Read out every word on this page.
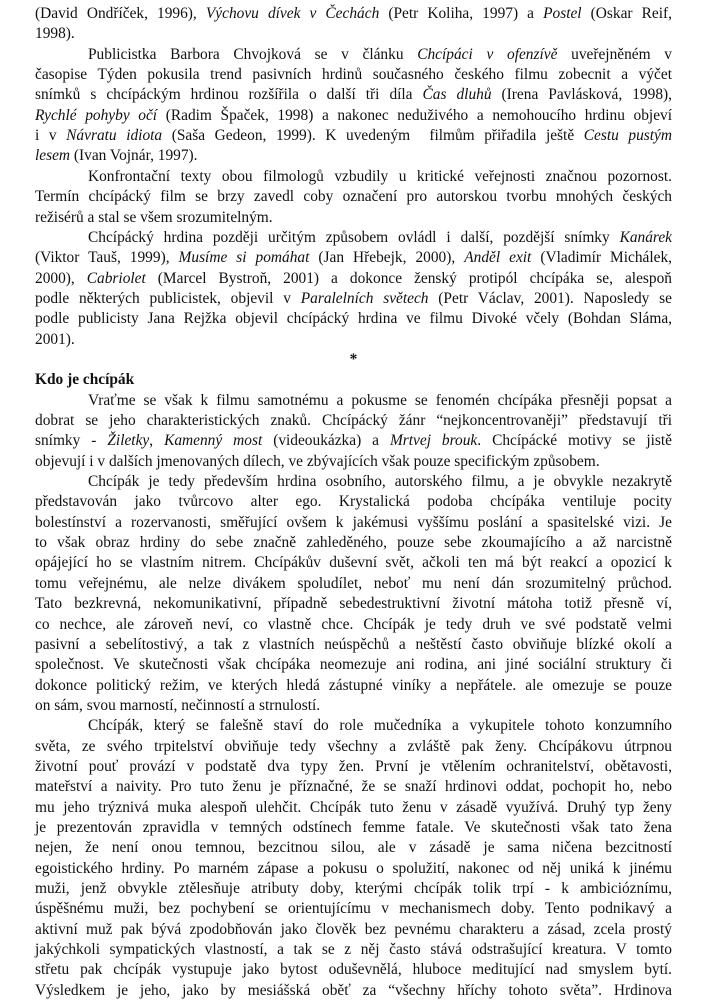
(David Ondříček, 1996), Výchovu dívek v Čechách (Petr Koliha, 1997) a Postel (Oskar Reif,
1998).
Publicistka Barbora Chvojková se v článku Chcípáci v ofenzívě uveřejněném v
časopise Týden pokusila trend pasivních hrdinů současného českého filmu zobecnit a výčet
snímků s chcípáckým hrdinou rozšířila o další tři díla Čas dluhů (Irena Pavlásková, 1998),
Rychlé pohyby očí (Radim Špaček, 1998) a nakonec neduživého a nemohoucího hrdinu objeví
i v Návratu idiota (Saša Gedeon, 1999). K uvedeným  filmům přiřadila ještě Cestu pustým
lesem (Ivan Vojnár, 1997).
Konfrontační texty obou filmologů vzbudily u kritické veřejnosti značnou pozornost.
Termín chcípácký film se brzy zavedl coby označení pro autorskou tvorbu mnohých českých
režisérů a stal se všem srozumitelným.
Chcípácký hrdina později určitým způsobem ovládl i další, pozdější snímky Kanárek
(Viktor Tauš, 1999), Musíme si pomáhat (Jan Hřebejk, 2000), Anděl exit (Vladimír Michálek,
2000), Cabriolet (Marcel Bystroň, 2001) a dokonce ženský protipól chcípáka se, alespoň
podle některých publicistek, objevil v Paralelních světech (Petr Václav, 2001). Naposledy se
podle publicisty Jana Rejžka objevil chcípácký hrdina ve filmu Divoké včely (Bohdan Sláma,
2001).
*
Kdo je chcípák
Vraťme se však k filmu samotnému a pokusme se fenomén chcípáka přesněji popsat a
dobrat se jeho charakteristických znaků. Chcípácký žánr “nejkoncentrovaněji” představují tři
snímky - Žiletky, Kamenný most (videoukázka) a Mrtvej brouk. Chcípácké motivy se jistě
objevují i v dalších jmenovaných dílech, ve zbývajících však pouze specifickým způsobem.
Chcípák je tedy především hrdina osobního, autorského filmu, a je obvykle nezakrytě
představován jako tvůrcovo alter ego. Krystalická podoba chcípáka ventiluje pocity
bolestínství a rozervanosti, směřující ovšem k jakémusi vyššímu poslání a spasitelské vizi. Je
to však obraz hrdiny do sebe značně zahleděného, pouze sebe zkoumajícího a až narcistně
opájející ho se vlastním nitrem. Chcípákův duševní svět, ačkoli ten má být reakcí a opozicí k
tomu veřejnému, ale nelze divákem spoludílet, neboť mu není dán srozumitelný průchod.
Tato bezkrevná, nekomunikativní, případně sebedestruktivní životní mátoha totiž přesně ví,
co nechce, ale zároveň neví, co vlastně chce. Chcípák je tedy druh ve své podstatě velmi
pasivní a sebelítostivý, a tak z vlastních neúspěchů a neštěstí často obviňuje blízké okolí a
společnost. Ve skutečnosti však chcípáka neomezuje ani rodina, ani jiné sociální struktury či
dokonce politický režim, ve kterých hledá zástupné viníky a nepřátele. ale omezuje se pouze
on sám, svou marností, nečinností a strnulostí.
Chcípák, který se falešně staví do role mučedníka a vykupitele tohoto konzumního
světa, ze svého trpitelství obviňuje tedy všechny a zvláště pak ženy. Chcípákovu útrpnou
životní pouť provází v podstatě dva typy žen. První je vtělením ochranitelství, obětavosti,
mateřství a naivity. Pro tuto ženu je příznačné, že se snaží hrdinovi oddat, pochopit ho, nebo
mu jeho trýznivá muka alespoň ulehčit. Chcípák tuto ženu v zásadě využívá. Druhý typ ženy
je prezentován zpravidla v temných odstínech femme fatale. Ve skutečnosti však tato žena
nejen, že není onou temnou, bezcitnou silou, ale v zásadě je sama ničena bezcitností
egoistického hrdiny. Po marném zápase a pokusu o spolužití, nakonec od něj uniká k jinému
muži, jenž obvykle ztělesňuje atributy doby, kterými chcípák tolik trpí - k ambicióznímu,
úspěšnému muži, bez pochybení se orientujícímu v mechanismech doby. Tento podnikavý a
aktivní muž pak bývá zpodobňován jako člověk bez pevnému charakteru a zásad, zcela prostý
jakýchkoli sympatických vlastností, a tak se z něj často stává odstrašující kreatura. V tomto
střetu pak chcípák vystupuje jako bytost oduševnělá, hluboce meditující nad smyslem bytí.
Výsledkem je jeho, jako by mesiášská oběť za “všechny hříchy tohoto světa”. Hrdinova
